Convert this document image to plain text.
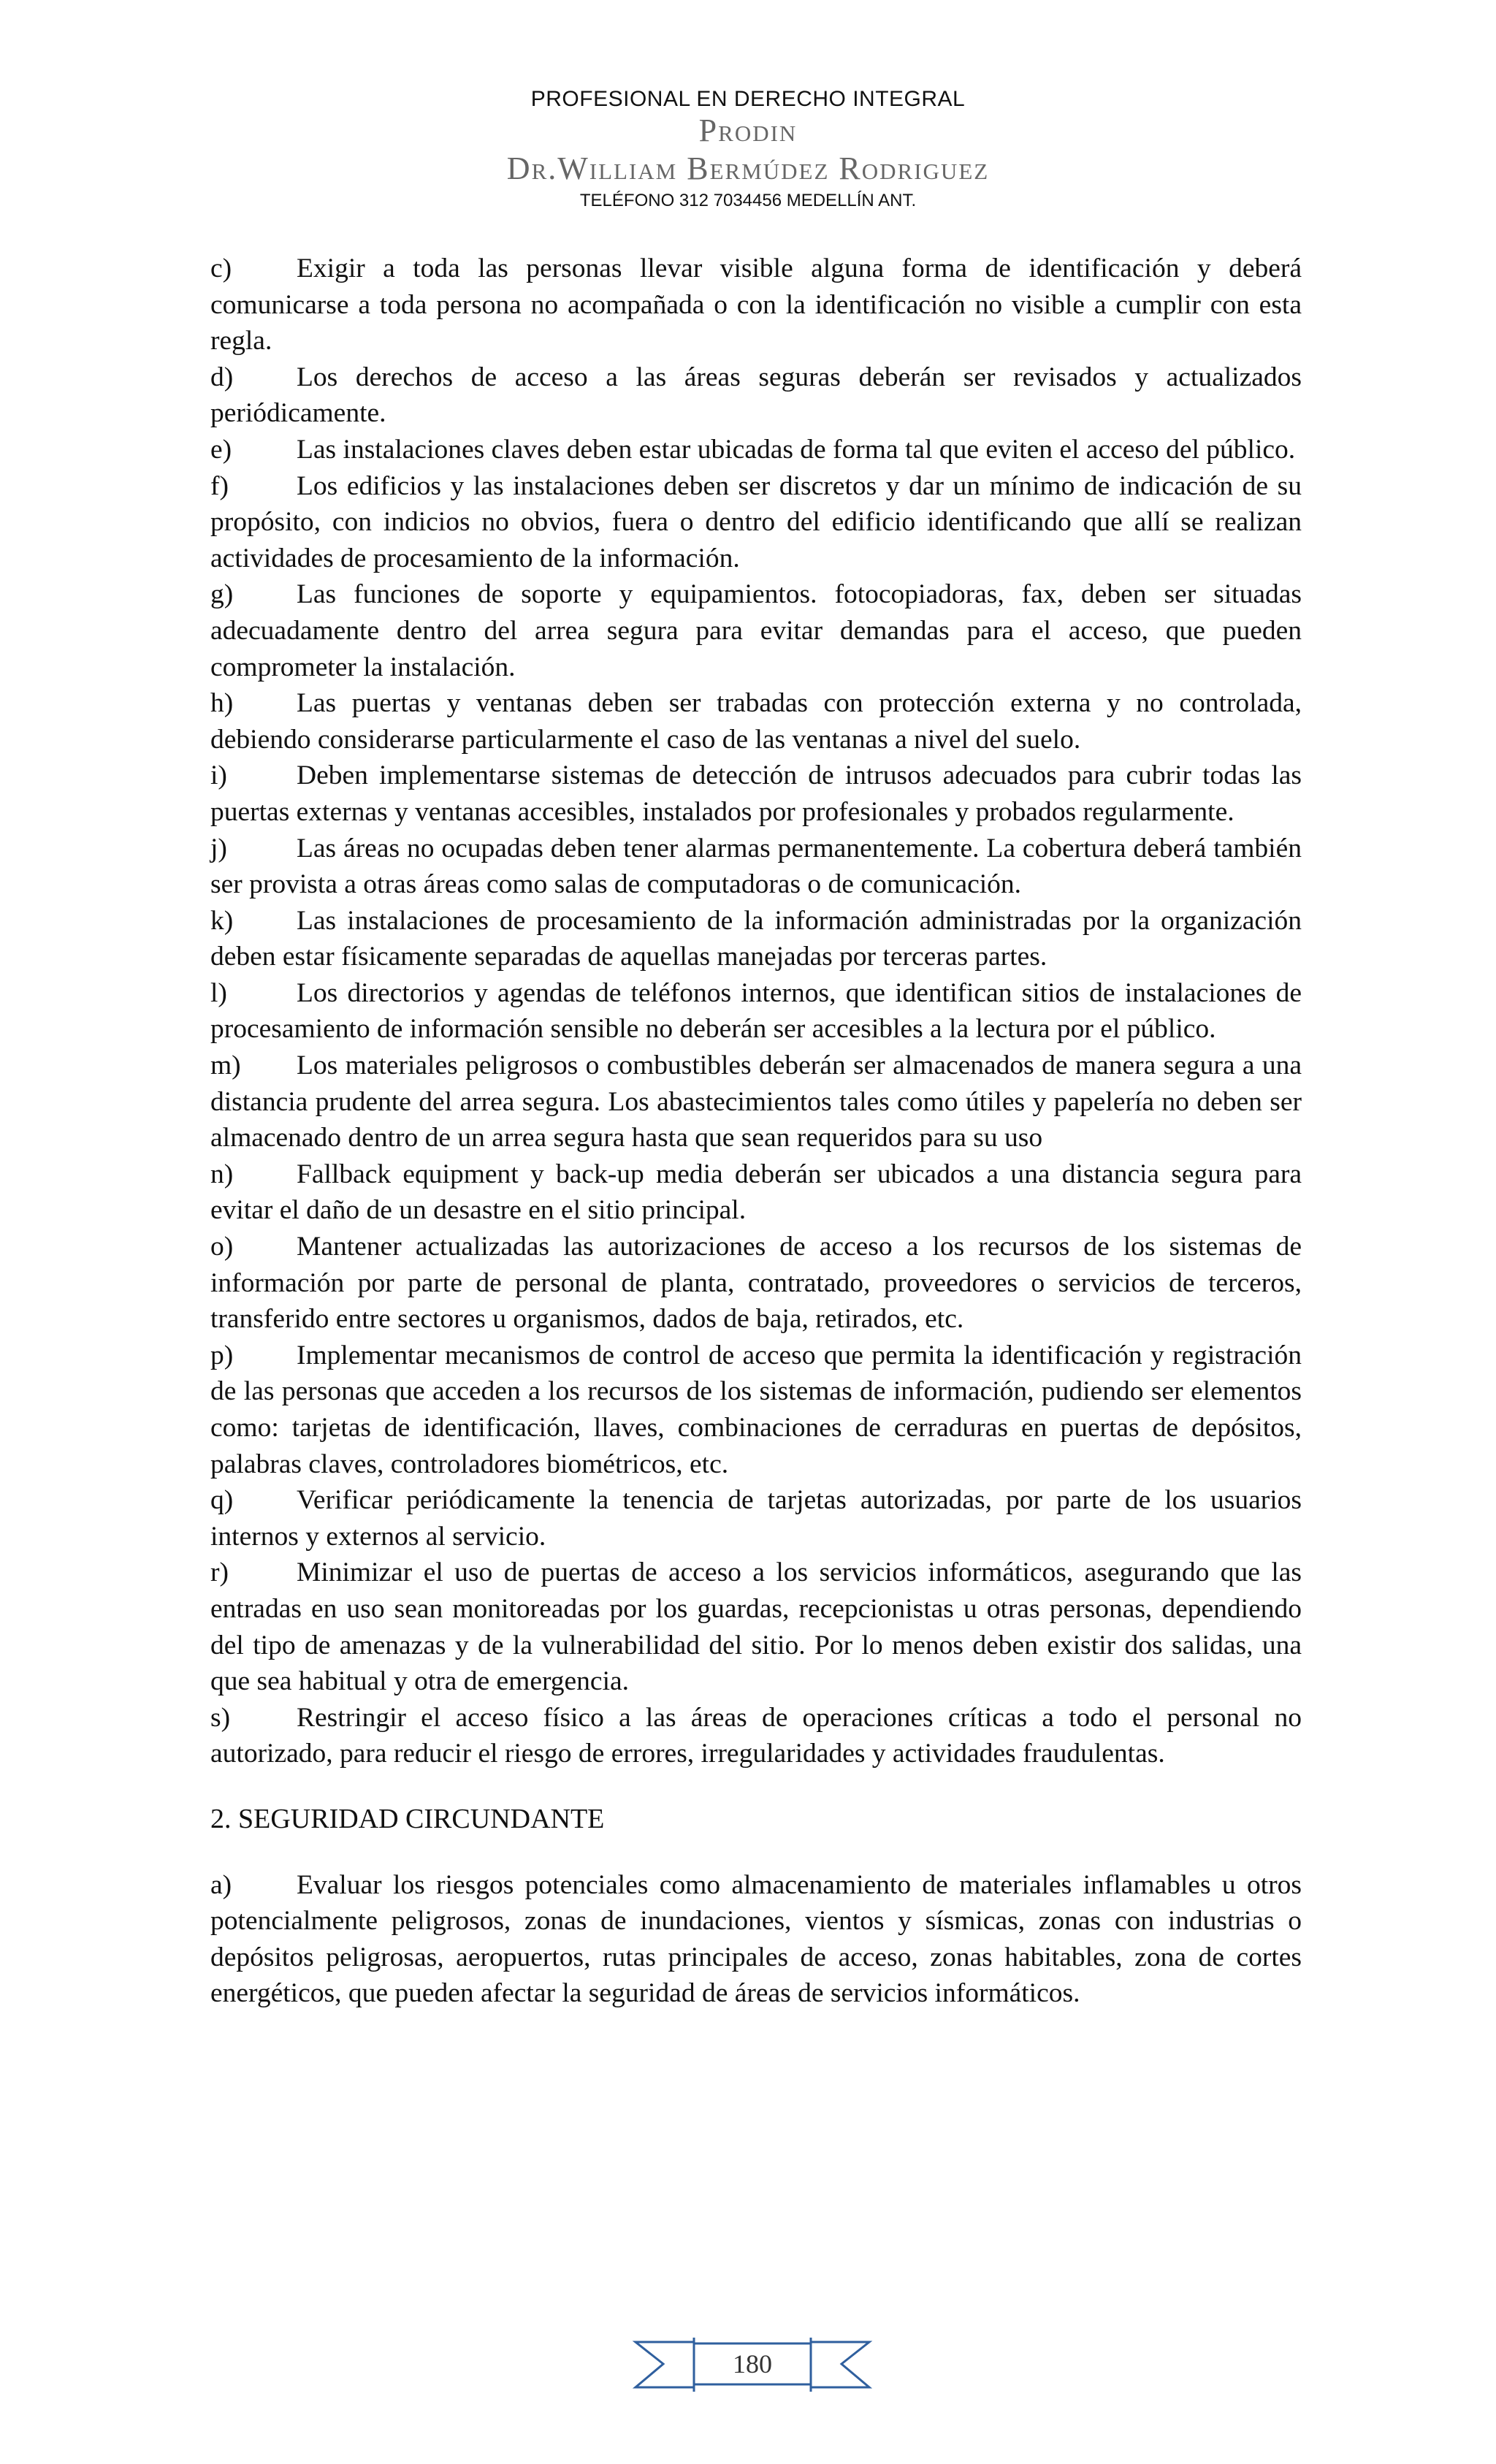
PROFESIONAL EN DERECHO INTEGRAL
Prodin
Dr.William Bermúdez Rodriguez
TELÉFONO 312 7034456 MEDELLÍN ANT.

c) Exigir a toda las personas llevar visible alguna forma de identificación y deberá comunicarse a toda persona no acompañada o con la identificación no visible a cumplir con esta regla.

d) Los derechos de acceso a las áreas seguras deberán ser revisados y actualizados periódicamente.

e) Las instalaciones claves deben estar ubicadas de forma tal que eviten el acceso del público.

f) Los edificios y las instalaciones deben ser discretos y dar un mínimo de indicación de su propósito, con indicios no obvios, fuera o dentro del edificio identificando que allí se realizan actividades de procesamiento de la información.

g) Las funciones de soporte y equipamientos. fotocopiadoras, fax, deben ser situadas adecuadamente dentro del arrea segura para evitar demandas para el acceso, que pueden comprometer la instalación.

h) Las puertas y ventanas deben ser trabadas con protección externa y no controlada, debiendo considerarse particularmente el caso de las ventanas a nivel del suelo.

i)	Deben implementarse sistemas de detección de intrusos adecuados para cubrir todas las puertas externas y ventanas accesibles, instalados por profesionales y probados regularmente.

j)	Las áreas no ocupadas deben tener alarmas permanentemente. La cobertura deberá también ser provista a otras áreas como salas de computadoras o de comunicación.

k) Las instalaciones de procesamiento de la información administradas por la organización deben estar físicamente separadas de aquellas manejadas por terceras partes.

l)	Los directorios y agendas de teléfonos internos, que identifican sitios de instalaciones de procesamiento de información sensible no deberán ser accesibles a la lectura por el público.

m) Los materiales peligrosos o combustibles deberán ser almacenados de manera segura a una distancia prudente del arrea segura. Los abastecimientos tales como útiles y papelería no deben ser almacenado dentro de un arrea segura hasta que sean requeridos para su uso

n) Fallback equipment y back-up media deberán ser ubicados a una distancia segura para evitar el daño de un desastre en el sitio principal.

o) Mantener actualizadas las autorizaciones de acceso a los recursos de los sistemas de información por parte de personal de planta, contratado, proveedores o servicios de terceros, transferido entre sectores u organismos, dados de baja, retirados, etc.

p) Implementar mecanismos de control de acceso que permita la identificación y registración de las personas que acceden a los recursos de los sistemas de información, pudiendo ser elementos como: tarjetas de identificación, llaves, combinaciones de cerraduras en puertas de depósitos, palabras claves, controladores biométricos, etc.

q) Verificar periódicamente la tenencia de tarjetas autorizadas, por parte de los usuarios internos y externos al servicio.

r) Minimizar el uso de puertas de acceso a los servicios informáticos, asegurando que las entradas en uso sean monitoreadas por los guardas, recepcionistas u otras personas, dependiendo del tipo de amenazas y de la vulnerabilidad del sitio. Por lo menos deben existir dos salidas, una que sea habitual y otra de emergencia.

s) Restringir el acceso físico a las áreas de operaciones críticas a todo el personal no autorizado, para reducir el riesgo de errores, irregularidades y actividades fraudulentas.

2. SEGURIDAD CIRCUNDANTE

a) Evaluar los riesgos potenciales como almacenamiento de materiales inflamables u otros potencialmente peligrosos, zonas de inundaciones, vientos y sísmicas, zonas con industrias o depósitos peligrosas, aeropuertos, rutas principales de acceso, zonas habitables, zona de cortes energéticos, que pueden afectar la seguridad de áreas de servicios informáticos.

180
